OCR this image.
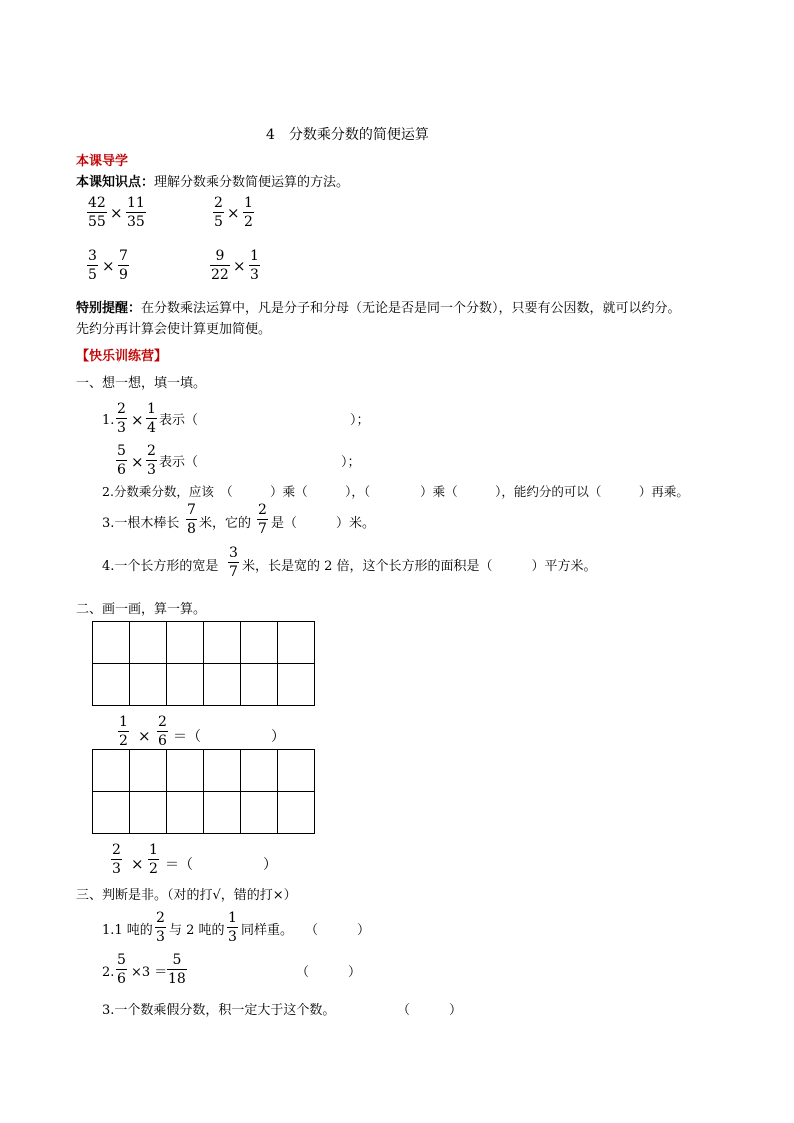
4　分数乘分数的简便运算
本课导学
本课知识点：理解分数乘分数简便运算的方法。
42
55 ×
11
35
2
5 ×
1
2
3
5 ×
7
9
9
22 ×
1
3
特别提醒：在分数乘法运算中，凡是分子和分母（无论是否是同一个分数），只要有公因数，就可以约分。
先约分再计算会使计算更加简便。
【快乐训练营】
一、想一想，填一填。
1.
2
3 ×
1
4 表示（	）；
5
6 ×
2
3 表示（	）；
2.分数乘分数，应该　（　　　）乘（　　　），（　　　　）乘（　　　），能约分的可以（　　　）再乘。
3.一根木棒长
7
8 米，它的
2
7 是（　　　）米。
4.一个长方形的宽是
3
7 米，长是宽的 2 倍，这个长方形的面积是（　　　）平方米。
二、画一画，算一算。

1
2 ×
2
6 ＝（　　　　　）

2
3 ×
1
2 ＝（　　　　　）
三、判断是非。（对的打√，错的打×）
1.1 吨的
2
3 与 2 吨的
1
3 同样重。 （　　　）
2.
5
6 ×3 ＝
5
18	（　　　）
3.一个数乘假分数，积一定大于这个数。	（　　　）
